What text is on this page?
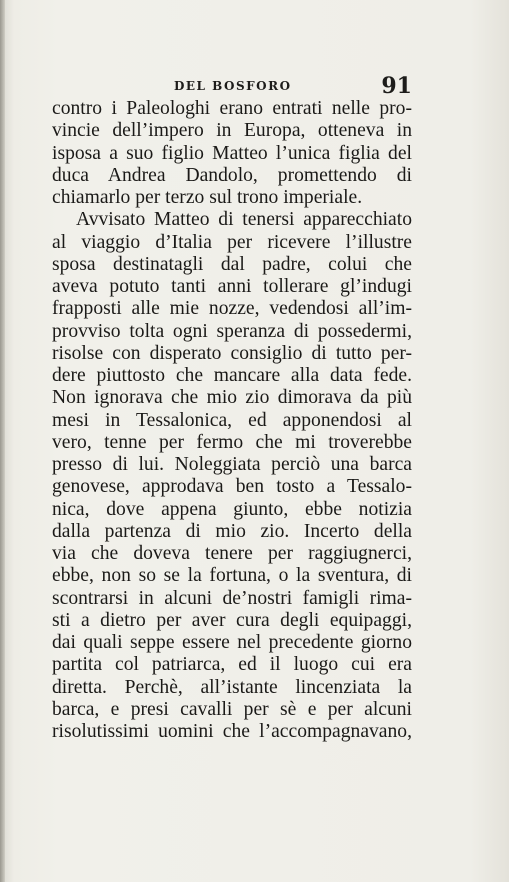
DEL BOSFORO	91
contro i Paleologhi erano entrati nelle pro-
vincie dell’impero in Europa, otteneva in
isposa a suo figlio Matteo l’unica figlia del
duca Andrea Dandolo, promettendo di
chiamarlo per terzo sul trono imperiale.
Avvisato Matteo di tenersi apparecchiato
al viaggio d’Italia per ricevere l’illustre
sposa destinatagli dal padre, colui che
aveva potuto tanti anni tollerare gl’indugi
frapposti alle mie nozze, vedendosi all’im-
provviso tolta ogni speranza di possedermi,
risolse con disperato consiglio di tutto per-
dere piuttosto che mancare alla data fede.
Non ignorava che mio zio dimorava da più
mesi in Tessalonica, ed apponendosi al
vero, tenne per fermo che mi troverebbe
presso di lui. Noleggiata perciò una barca
genovese, approdava ben tosto a Tessalo-
nica, dove appena giunto, ebbe notizia
dalla partenza di mio zio. Incerto della
via che doveva tenere per raggiugnerci,
ebbe, non so se la fortuna, o la sventura, di
scontrarsi in alcuni de’nostri famigli rima-
sti a dietro per aver cura degli equipaggi,
dai quali seppe essere nel precedente giorno
partita col patriarca, ed il luogo cui era
diretta. Perchè, all’istante lincenziata la
barca, e presi cavalli per sè e per alcuni
risolutissimi uomini che l’accompagnavano,
